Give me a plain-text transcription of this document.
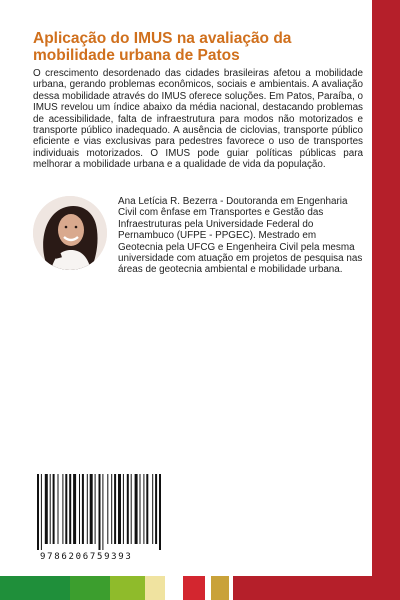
Aplicação do IMUS na avaliação da mobilidade urbana de Patos

O crescimento desordenado das cidades brasileiras afetou a mobilidade urbana, gerando problemas econômicos, sociais e ambientais. A avaliação dessa mobilidade através do IMUS oferece soluções. Em Patos, Paraíba, o IMUS revelou um índice abaixo da média nacional, destacando problemas de acessibilidade, falta de infraestrutura para modos não motorizados e transporte público inadequado. A ausência de ciclovias, transporte público eficiente e vias exclusivas para pedestres favorece o uso de transportes individuais motorizados. O IMUS pode guiar políticas públicas para melhorar a mobilidade urbana e a qualidade de vida da população.

Ana Letícia R. Bezerra - Doutoranda em Engenharia Civil com ênfase em Transportes e Gestão das Infraestruturas pela Universidade Federal do Pernambuco (UFPE - PPGEC). Mestrado em Geotecnia pela UFCG e Engenheira Civil pela mesma universidade com atuação em projetos de pesquisa nas áreas de geotecnia ambiental e mobilidade urbana.

9786206759393
